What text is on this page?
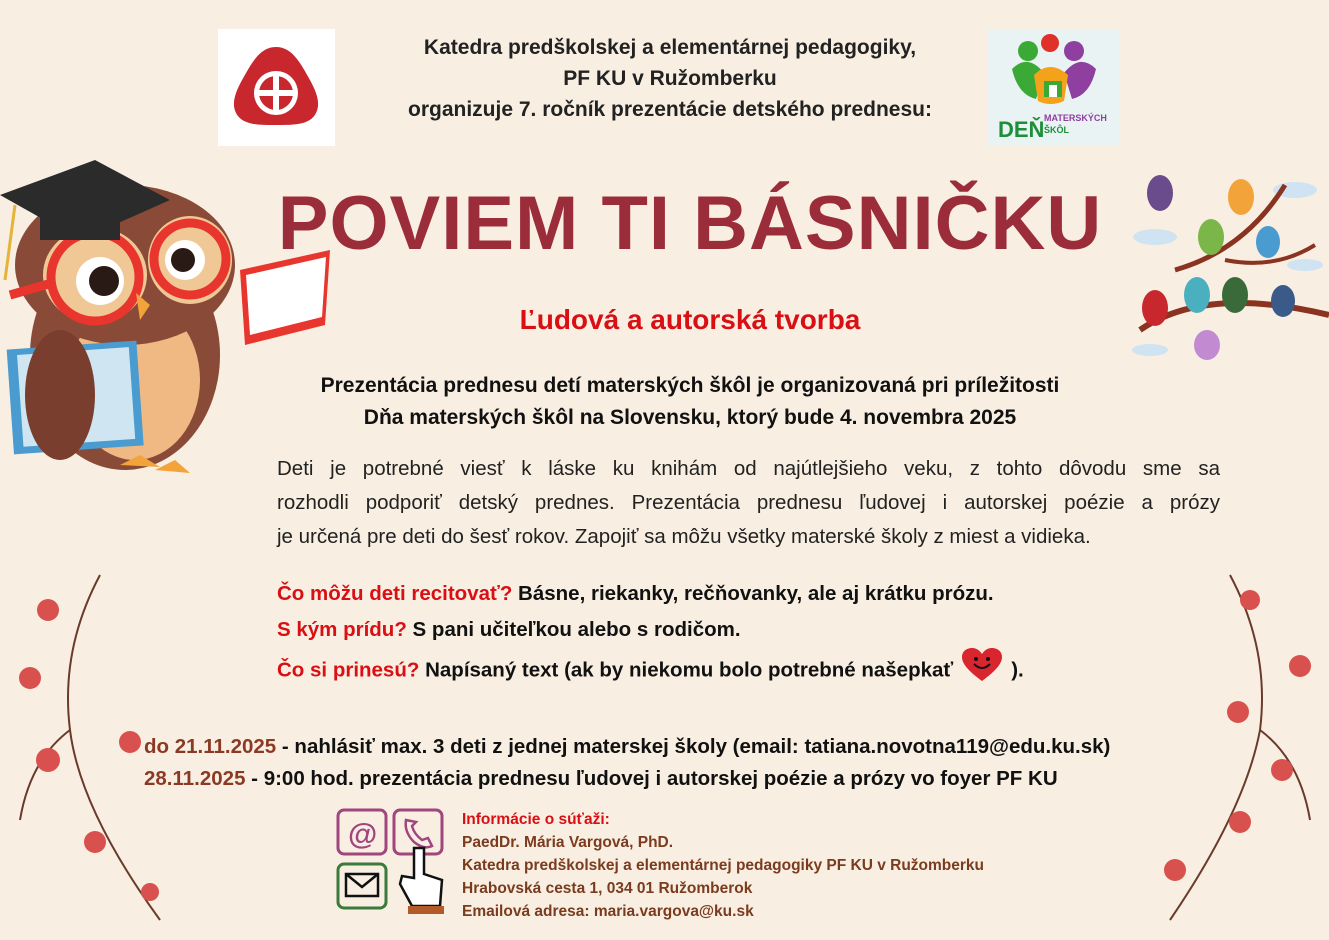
Katedra predškolskej a elementárnej pedagogiky,
PF KU v Ružomberku
organizuje 7. ročník prezentácie detského prednesu:
DEŇ MATERSKÝCH
ŠKÔL
POVIEM TI BÁSNIČKU
Ľudová a autorská tvorba
Prezentácia prednesu detí materských škôl je organizovaná pri príležitosti
Dňa materských škôl na Slovensku, ktorý bude 4. novembra 2025
Deti je potrebné viesť k láske ku knihám od najútlejšieho veku, z tohto dôvodu sme sa
rozhodli podporiť detský prednes. Prezentácia prednesu ľudovej i autorskej poézie a prózy
je určená pre deti do šesť rokov. Zapojiť sa môžu všetky materské školy z miest a vidieka.
Čo môžu deti recitovať? Básne, riekanky, rečňovanky, ale aj krátku prózu.
S kým prídu? S pani učiteľkou alebo s rodičom.
Čo si prinesú? Napísaný text (ak by niekomu bolo potrebné našepkať	).
do 21.11.2025 - nahlásiť max. 3 deti z jednej materskej školy (email: tatiana.novotna119@edu.ku.sk)
28.11.2025 - 9:00 hod. prezentácia prednesu ľudovej i autorskej poézie a prózy vo foyer PF KU
@	Informácie o súťaži:
PaedDr. Mária Vargová, PhD.
Katedra predškolskej a elementárnej pedagogiky PF KU v Ružomberku
Hrabovská cesta 1, 034 01 Ružomberok
Emailová adresa: maria.vargova@ku.sk
